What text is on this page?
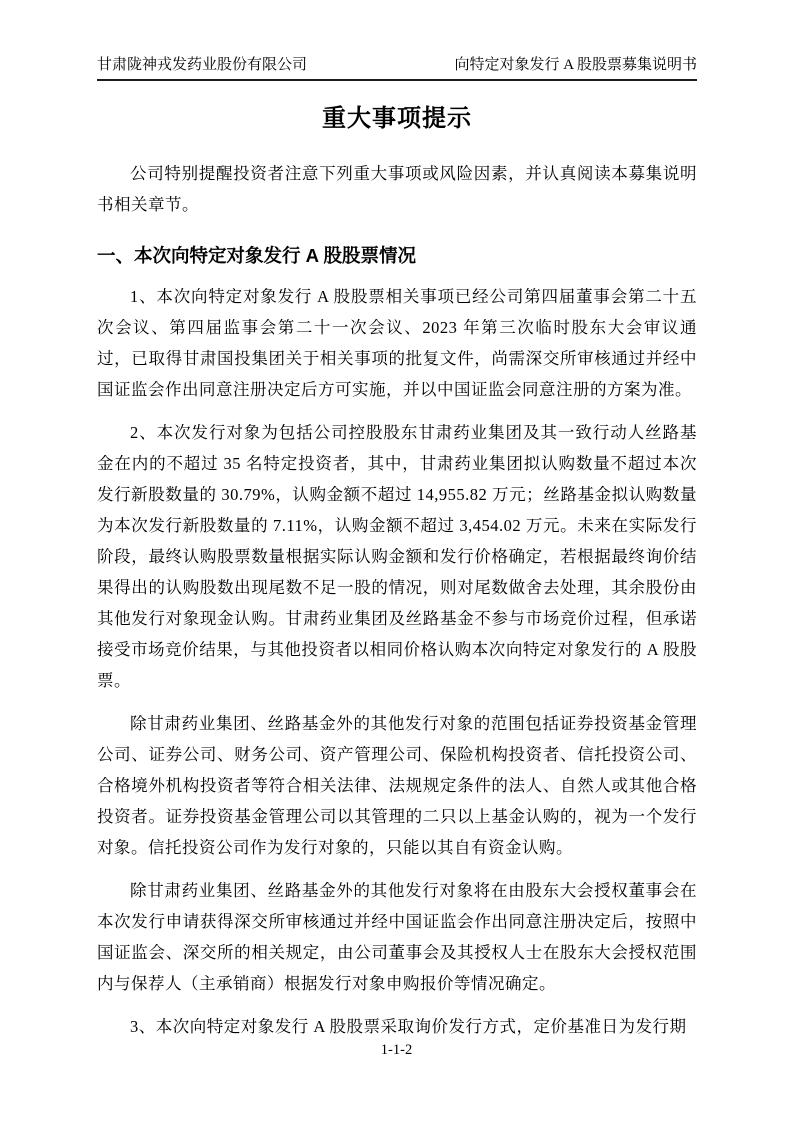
甘肃陇神戎发药业股份有限公司	向特定对象发行 A 股股票募集说明书
重大事项提示

公司特别提醒投资者注意下列重大事项或风险因素，并认真阅读本募集说明书相关章节。

一、本次向特定对象发行 A 股股票情况

1、本次向特定对象发行 A 股股票相关事项已经公司第四届董事会第二十五次会议、第四届监事会第二十一次会议、2023 年第三次临时股东大会审议通过，已取得甘肃国投集团关于相关事项的批复文件，尚需深交所审核通过并经中国证监会作出同意注册决定后方可实施，并以中国证监会同意注册的方案为准。

2、本次发行对象为包括公司控股股东甘肃药业集团及其一致行动人丝路基金在内的不超过 35 名特定投资者，其中，甘肃药业集团拟认购数量不超过本次发行新股数量的 30.79%，认购金额不超过 14,955.82 万元；丝路基金拟认购数量为本次发行新股数量的 7.11%，认购金额不超过 3,454.02 万元。未来在实际发行阶段，最终认购股票数量根据实际认购金额和发行价格确定，若根据最终询价结果得出的认购股数出现尾数不足一股的情况，则对尾数做舍去处理，其余股份由其他发行对象现金认购。甘肃药业集团及丝路基金不参与市场竞价过程，但承诺接受市场竞价结果，与其他投资者以相同价格认购本次向特定对象发行的 A 股股票。

除甘肃药业集团、丝路基金外的其他发行对象的范围包括证券投资基金管理公司、证券公司、财务公司、资产管理公司、保险机构投资者、信托投资公司、合格境外机构投资者等符合相关法律、法规规定条件的法人、自然人或其他合格投资者。证券投资基金管理公司以其管理的二只以上基金认购的，视为一个发行对象。信托投资公司作为发行对象的，只能以其自有资金认购。

除甘肃药业集团、丝路基金外的其他发行对象将在由股东大会授权董事会在本次发行申请获得深交所审核通过并经中国证监会作出同意注册决定后，按照中国证监会、深交所的相关规定，由公司董事会及其授权人士在股东大会授权范围内与保荐人（主承销商）根据发行对象申购报价等情况确定。

3、本次向特定对象发行 A 股股票采取询价发行方式，定价基准日为发行期

1-1-2
